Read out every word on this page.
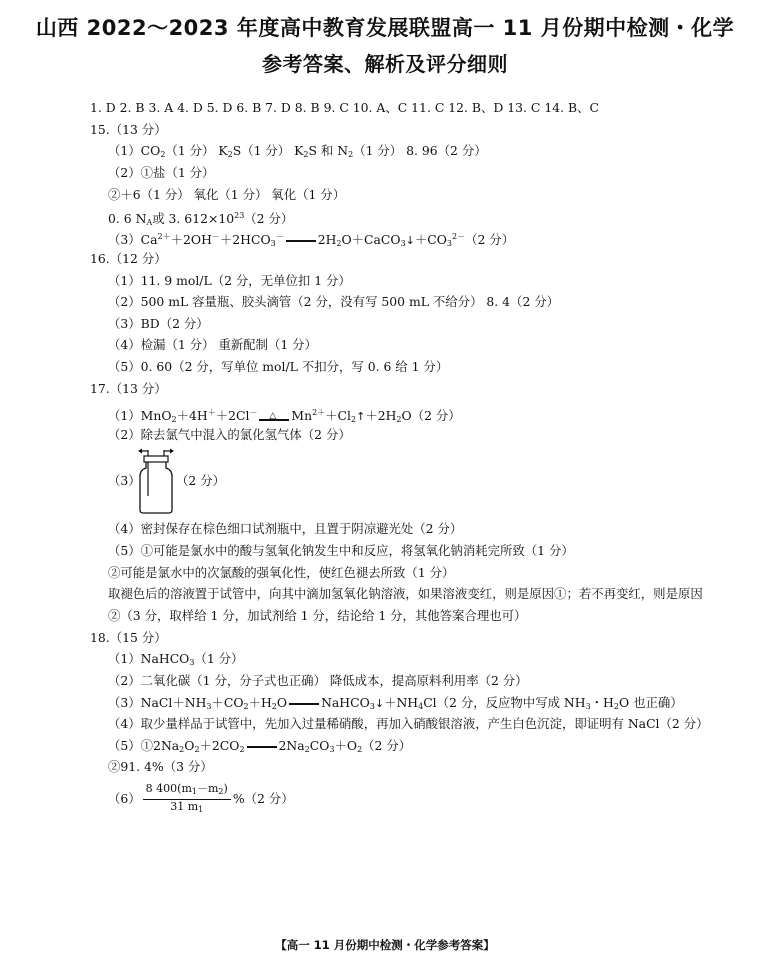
山西 2022～2023 年度高中教育发展联盟高一 11 月份期中检测・化学
参考答案、解析及评分细则
1. D 2. B 3. A 4. D 5. D 6. B 7. D 8. B 9. C 10. A、C 11. C 12. B、D 13. C 14. B、C
15.（13 分）
$(1)CO_2(1$ 分） $K_2S(1$ 分） $K_2S$ 和 $N_2(1$ 分） 8. 96（2 分）
（2）①盐（1 分）
②＋6（1 分） 氧化（1 分） 氧化（1 分）
0. 6 $N_A$或 3. $612\times 10^{23}(2$ 分）
$(3)Ca^{2+}+2OH^-+2HCO_3^-$	$2H_2O+CaCO_3↓+CO_3^{2-}(2$ 分）
16.（12 分）
（1）11. 9 mol/L（2 分，无单位扣 1 分）
（2）500 mL 容量瓶、胶头滴管（2 分，没有写 500 mL 不给分） 8. 4（2 分）
（3）BD（2 分）
（4）检漏（1 分） 重新配制（1 分）
（5）0. 60（2 分，写单位 mol/L 不扣分，写 0. 6 给 1 分）
17.（13 分）
（1）MnO$_2$＋4H＋＋2Cl－ △ $Mn^{2+}+Cl_2↑+2H_2O(2$ 分）
（2）除去氯气中混入的氯化氢气体（2 分）
（3）	（2 分）
（4）密封保存在棕色细口试剂瓶中，且置于阴凉避光处（2 分）
（5）①可能是氯水中的酸与氢氧化钠发生中和反应，将氢氧化钠消耗完所致（1 分）
②可能是氯水中的次氯酸的强氧化性，使红色褪去所致（1 分）
取褪色后的溶液置于试管中，向其中滴加氢氧化钠溶液，如果溶液变红，则是原因①；若不再变红，则是原因
②（3 分，取样给 1 分，加试剂给 1 分，结论给 1 分，其他答案合理也可）
18.（15 分）
（1）NaHCO$_3$（1 分）
（2）二氧化碳（1 分，分子式也正确） 降低成本，提高原料利用率（2 分）
$(3)NaCl+NH_3+CO_2+H_2O$	$NaHCO_3↓+NH_4Cl(2$ 分，反应物中写成 $NH_3$・$H_2O$ 也正确）
（4）取少量样品于试管中，先加入过量稀硝酸，再加入硝酸银溶液，产生白色沉淀，即证明有 NaCl（2 分）
$(5)①2Na_2O_2+2CO_2$	$2Na_2CO_3+O_2(2$ 分）
②91. 4%（3 分）
$(6) \frac{8 400(m_1-m_2)}{31 m_1} \%(2$ 分）
【高一 11 月份期中检测・化学参考答案】
